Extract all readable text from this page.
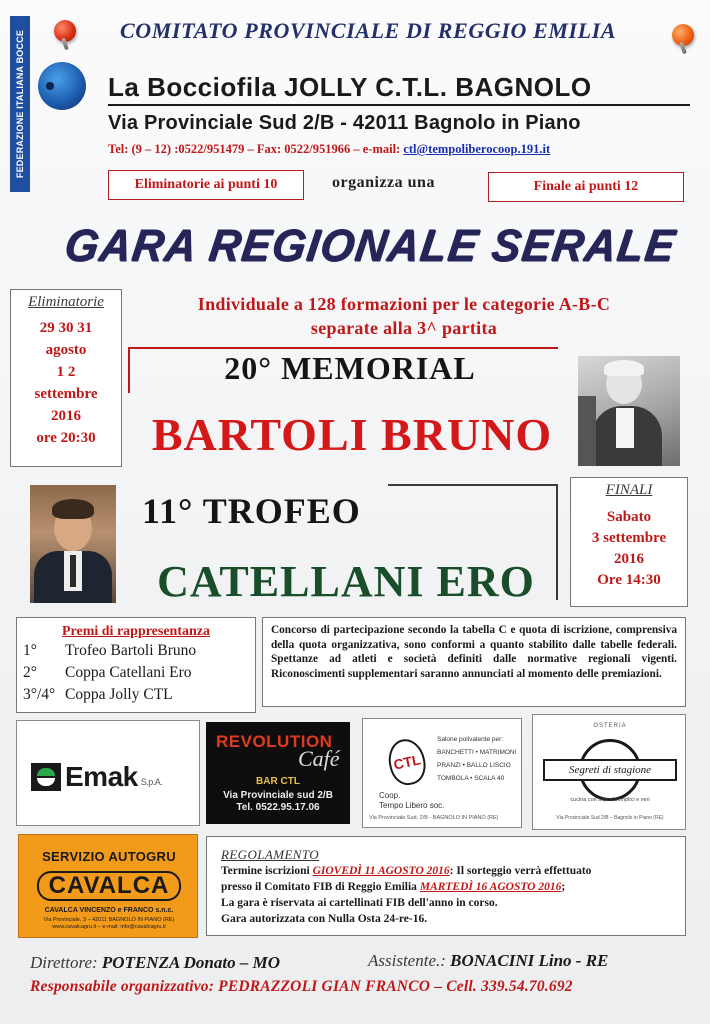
FEDERAZIONE ITALIANA BOCCE	COMITATO PROVINCIALE DI REGGIO EMILIA
La Bocciofila JOLLY C.T.L. BAGNOLO
Via Provinciale Sud 2/B - 42011 Bagnolo in Piano
Tel: (9 – 12) :0522/951479 – Fax: 0522/951966 – e-mail: ctl@tempoliberocoop.191.it
Eliminatorie ai punti 10	organizza una	Finale ai punti 12
GARA REGIONALE SERALE
Eliminatorie
29 30 31
agosto
1 2
settembre
2016
ore 20:30
Individuale a 128 formazioni per le categorie A-B-C
separate alla 3^ partita
20° MEMORIAL
BARTOLI BRUNO
11° TROFEO
CATELLANI ERO
FINALI
Sabato
3 settembre
2016
Ore 14:30
Premi di rappresentanza
1°	Trofeo Bartoli Bruno
2°	Coppa Catellani Ero
3°/4° Coppa Jolly CTL
Concorso di partecipazione secondo la tabella C e quota di iscrizione, comprensiva della quota organizzativa, sono conformi a quanto stabilito dalle tabelle federali. Spettanze ad atleti e società definiti dalle normative regionali vigenti. Riconoscimenti supplementari saranno annunciati al momento delle premiazioni.
Emak S.p.A.
REVOLUTION
Café
BAR CTL
Via Provinciale sud 2/B
Tel. 0522.95.17.06
CTL
Coop.
Tempo Libero soc.
Salone polivalente per:
BANCHETTI • MATRIMONI
PRANZI • BALLO LISCIO
TOMBOLA • SCALA 40
Via Provinciale Sud, 2/B - BAGNOLO IN PIANO (RE)
OSTERIA
Segreti di stagione
cucina con sapori semplici e veri
Via Provinciale Sud 2/B – Bagnolo in Piano (RE)
SERVIZIO AUTOGRU
CAVALCA
CAVALCA VINCENZO e FRANCO s.n.c.
Via Provinciale, 3 – 42011 BAGNOLO IN PIANO (RE)
www.cavalcagru.it – e-mail: info@cavalcagru.it
REGOLAMENTO
Termine iscrizioni GIOVEDÌ 11 AGOSTO 2016: Il sorteggio verrà effettuato
presso il Comitato FIB di Reggio Emilia MARTEDÌ 16 AGOSTO 2016;
La gara è riservata ai cartellinati FIB dell'anno in corso.
Gara autorizzata con Nulla Osta 24-re-16.
Direttore: POTENZA Donato – MO	Assistente.: BONACINI Lino - RE
Responsabile organizzativo: PEDRAZZOLI GIAN FRANCO – Cell. 339.54.70.692
